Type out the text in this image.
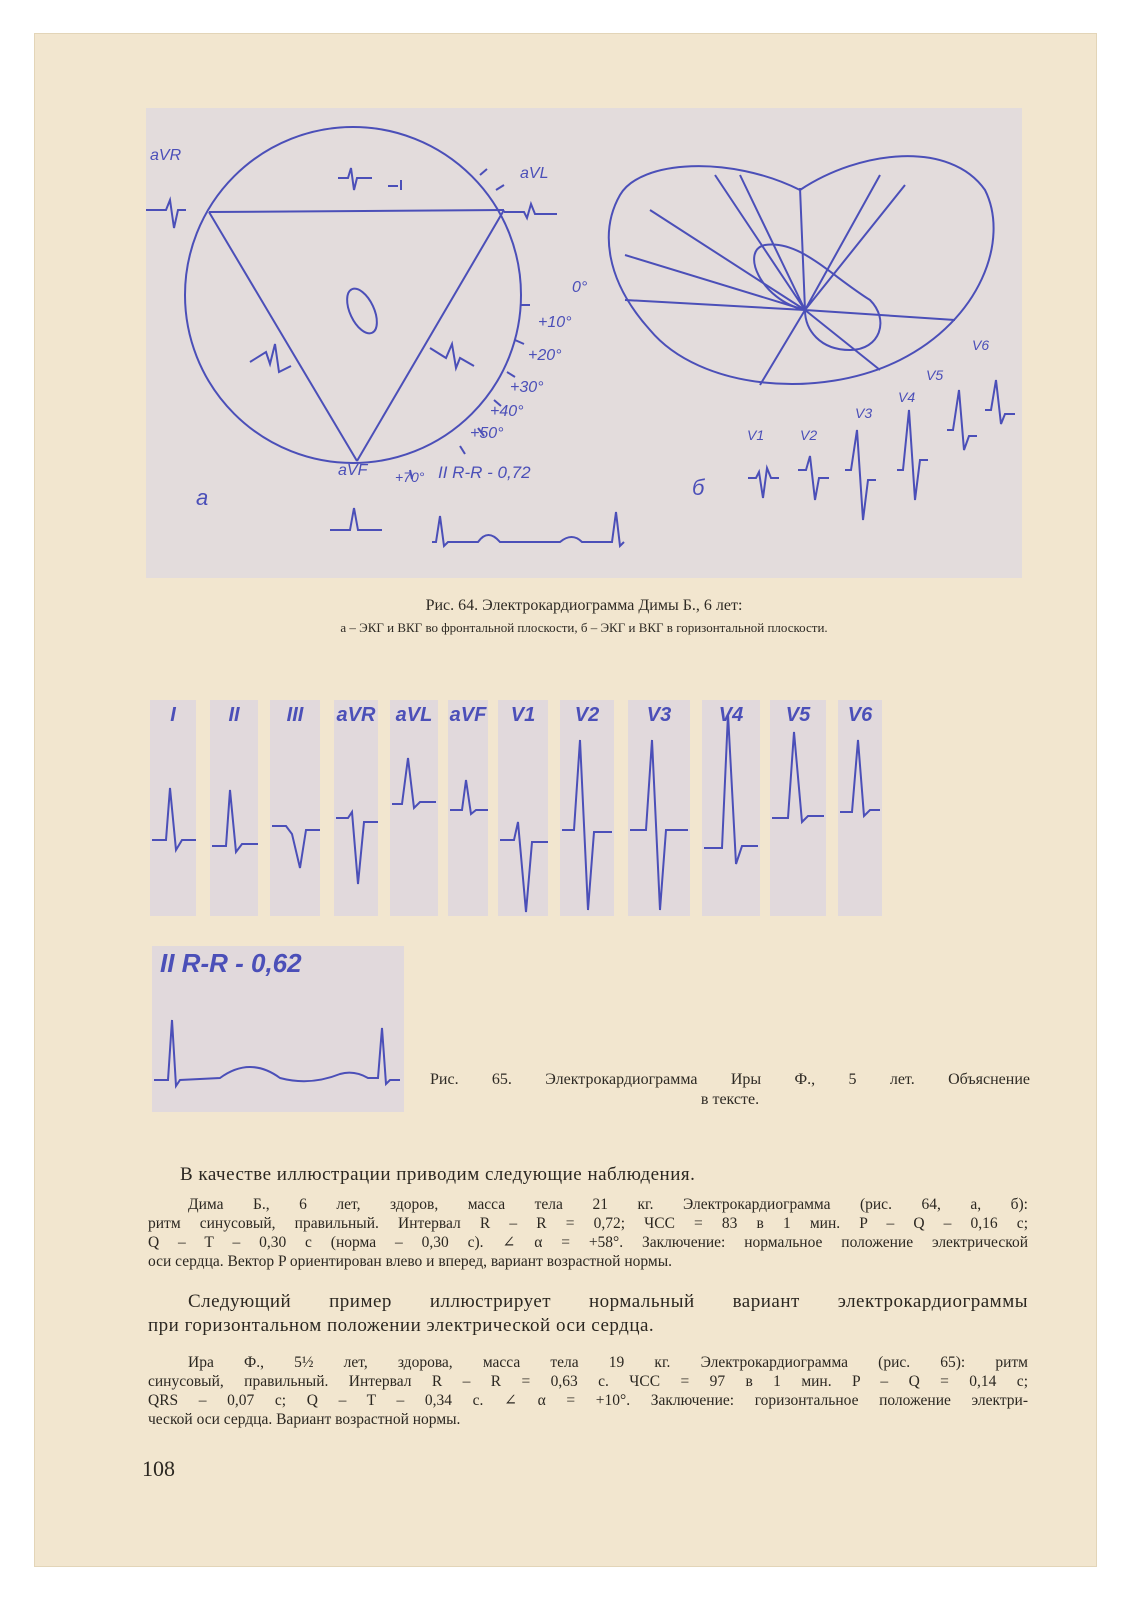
aVR
aVL
aVF
0°
+10°
+20°
+30°
+40°
+50°
+70° II R-R - 0,72
а	б
V1	V2
V3
V4
V5
V6
Рис. 64. Электрокардиограмма Димы Б., 6 лет:
а – ЭКГ и ВКГ во фронтальной плоскости, б – ЭКГ и ВКГ в горизонтальной плоскости.
I	II	III	aVR aVL aVF	V1	V2	V3	V4	V5	V6
II R-R - 0,62
Рис. 65. Электрокардиограмма Иры Ф., 5 лет. Объяснение
в тексте.
В качестве иллюстрации приводим следующие наблюдения.
Дима Б., 6 лет, здоров, масса тела 21 кг. Электрокардиограмма (рис. 64, а, б):
ритм синусовый, правильный. Интервал R – R = 0,72; ЧСС = 83 в 1 мин. P – Q – 0,16 с;
Q – T – 0,30 с (норма – 0,30 с). ∠ α = +58°. Заключение: нормальное положение электрической
оси сердца. Вектор P ориентирован влево и вперед, вариант возрастной нормы.
Следующий пример иллюстрирует нормальный вариант электрокардиограммы
при горизонтальном положении электрической оси сердца.
Ира Ф., 5½ лет, здорова, масса тела 19 кг. Электрокардиограмма (рис. 65): ритм
синусовый, правильный. Интервал R – R = 0,63 с. ЧСС = 97 в 1 мин. P – Q = 0,14 с;
QRS – 0,07 с; Q – T – 0,34 с. ∠ α = +10°. Заключение: горизонтальное положение электри-
ческой оси сердца. Вариант возрастной нормы.
108
